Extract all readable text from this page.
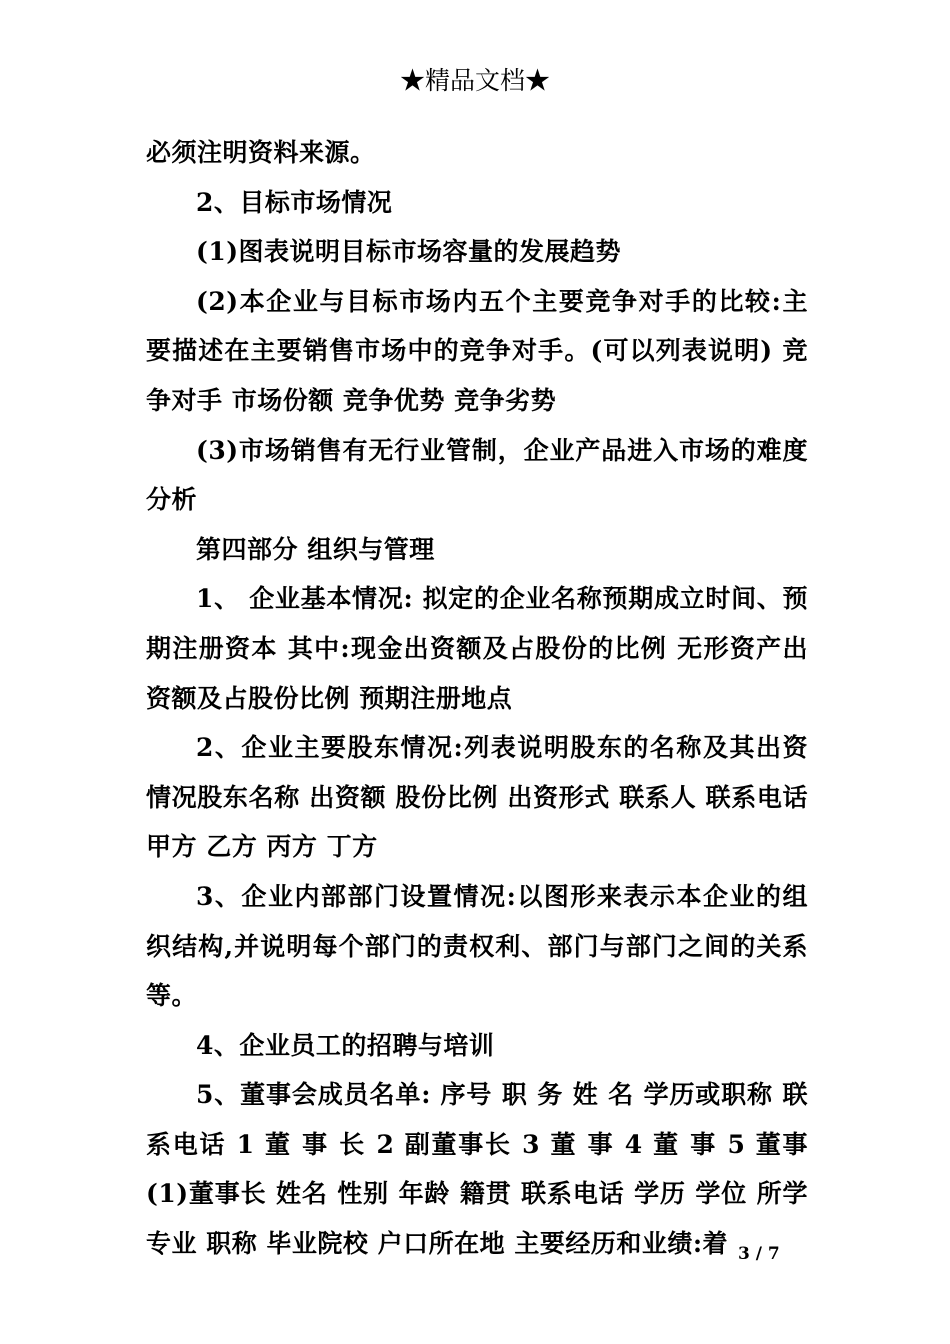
★精品文档★

必须注明资料来源。

2、目标市场情况

(1)图表说明目标市场容量的发展趋势

(2)本企业与目标市场内五个主要竞争对手的比较:主要描述在主要销售市场中的竞争对手。(可以列表说明) 竞争对手 市场份额 竞争优势 竞争劣势

(3)市场销售有无行业管制，企业产品进入市场的难度分析

第四部分 组织与管理

1、 企业基本情况: 拟定的企业名称预期成立时间、预期注册资本 其中:现金出资额及占股份的比例 无形资产出资额及占股份比例 预期注册地点

2、企业主要股东情况:列表说明股东的名称及其出资情况股东名称 出资额 股份比例 出资形式 联系人 联系电话 甲方 乙方 丙方 丁方

3、企业内部部门设置情况:以图形来表示本企业的组织结构,并说明每个部门的责权利、部门与部门之间的关系等。

4、企业员工的招聘与培训

5、董事会成员名单: 序号 职 务 姓 名 学历或职称 联系电话 1 董 事 长 2 副董事长 3 董 事 4 董 事 5 董事 (1)董事长 姓名 性别 年龄 籍贯 联系电话 学历 学位 所学专业 职称 毕业院校 户口所在地 主要经历和业绩:着 3 / 7
